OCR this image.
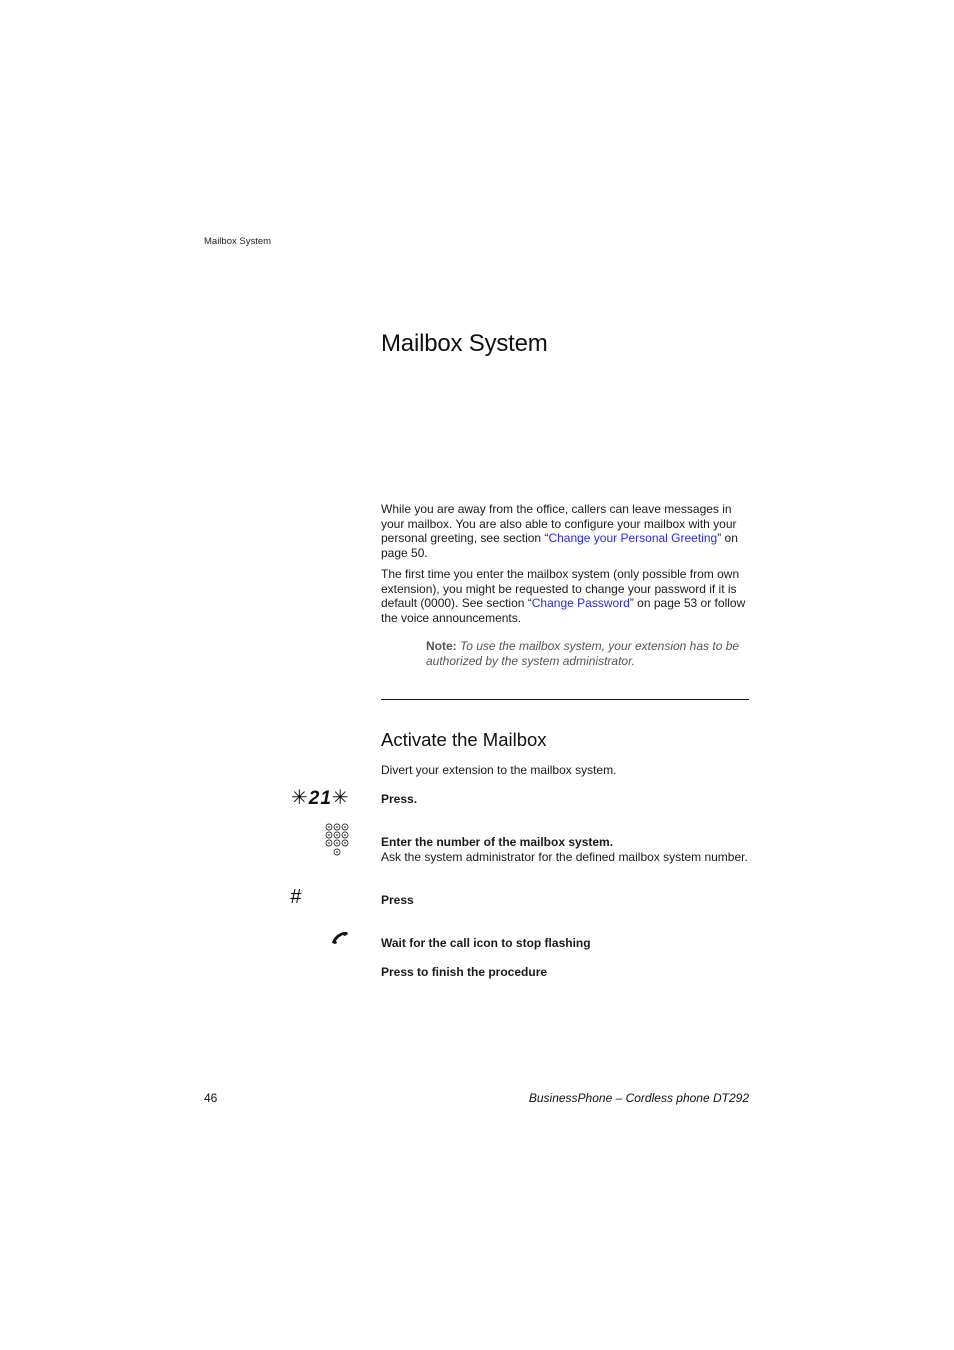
Mailbox System
Mailbox System

While you are away from the office, callers can leave messages in your mailbox. You are also able to configure your mailbox with your personal greeting, see section “Change your Personal Greeting” on page 50.

The first time you enter the mailbox system (only possible from own extension), you might be requested to change your password if it is default (0000). See section “Change Password” on page 53 or follow the voice announcements.

Note: To use the mailbox system, your extension has to be authorized by the system administrator.

Activate the Mailbox

Divert your extension to the mailbox system.

✳21✳	Press.

Enter the number of the mailbox system.
Ask the system administrator for the defined mailbox system number.

#	Press

Wait for the call icon to stop flashing

Press to finish the procedure

46	BusinessPhone – Cordless phone DT292
